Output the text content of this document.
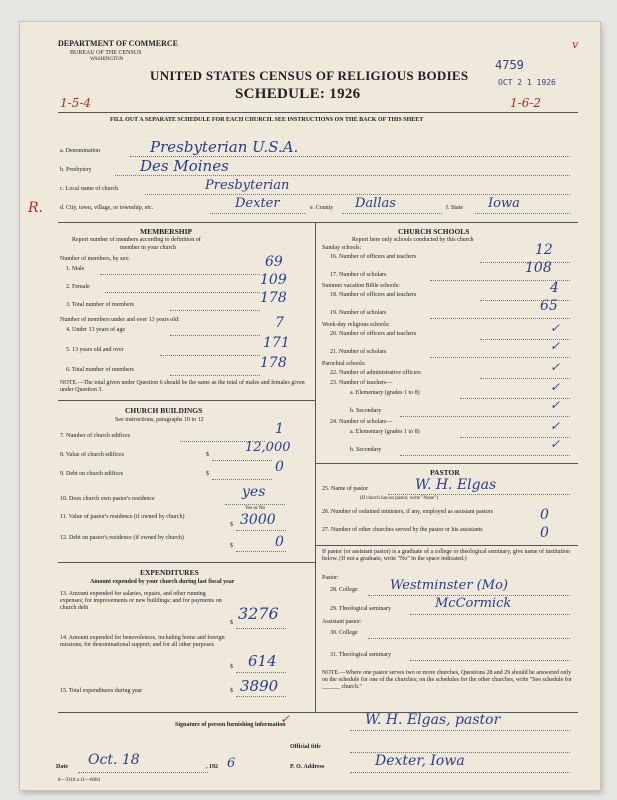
DEPARTMENT OF COMMERCE
BUREAU OF THE CENSUS
WASHINGTON
UNITED STATES CENSUS OF RELIGIOUS BODIES
SCHEDULE: 1926
4759
OCT 2 1 1926
v
1-5-4	1-6-2
R.
FILL OUT A SEPARATE SCHEDULE FOR EACH CHURCH. SEE INSTRUCTIONS ON THE BACK OF THIS SHEET
a. Denomination	Presbyterian U.S.A.
b. Presbytery	Des Moines
c. Local name of church	Presbyterian
d. City, town, village, or township, etc.	Dexter	e. County Dallas	f. State Iowa
MEMBERSHIP
Report number of members according to definition of
member in your church
Number of members, by sex:
1. Male	69
2. Female	109
3. Total number of members	178
Number of members under and over 13 years old:
4. Under 13 years of age	7
5. 13 years old and over	171
6. Total number of members	178
NOTE.—The total given under Question 6 should be the same as the total of males and females given under Question 3.
CHURCH BUILDINGS
See instructions, paragraphs 10 to 12
7. Number of church edifices	1
8. Value of church edifices	$	12,000
9. Debt on church edifices	$	0
10. Does church own pastor's residence	yes
Yes or No
11. Value of pastor's residence (if owned by church)
$ 3000
12. Debt on pastor's residence (if owned by church)
$	0
EXPENDITURES
Amount expended by your church during last fiscal year
13. Amount expended for salaries, repairs, and other running expenses; for improvements or new buildings; and for payments on church debt
$ 3276
14. Amount expended for benevolences, including home and foreign missions; for denominational support; and for all other purposes
$ 614
15. Total expenditures during year	$ 3890
CHURCH SCHOOLS
Report here only schools conducted by this church
Sunday schools:
16. Number of officers and teachers	12
17. Number of scholars	108
Summer vacation Bible schools:
18. Number of officers and teachers	4
19. Number of scholars	65
Week-day religious schools:
20. Number of officers and teachers	✓
21. Number of scholars	✓
Parochial schools:
22. Number of administrative officers	✓
23. Number of teachers—
a. Elementary (grades 1 to 8)	✓
b. Secondary	✓
24. Number of scholars—
a. Elementary (grades 1 to 8)	✓
b. Secondary	✓
PASTOR
25. Name of pastor	W. H. Elgas
(If church has no pastor, write "None")
26. Number of ordained ministers, if any, employed as assistant pastors	0
27. Number of other churches served by the pastor or his assistants	0
If pastor (or assistant pastor) is a graduate of a college or theological seminary, give name of institution below. (If not a graduate, write "No" in the space indicated.)
Pastor:
28. College Westminster (Mo)
29. Theological seminary	McCormick
Assistant pastor:
30. College
31. Theological seminary
NOTE.—Where one pastor serves two or more churches, Questions 28 and 29 should be answered only on the schedule for one of the churches; on the schedules for the other churches, write "See schedule for ______ church."
Signature of person furnishing information	W. H. Elgas, pastor
Official title
Date Oct. 18	, 192 6	P. O. Address	Dexter, Iowa
8—3318 a 11—6004
✓
